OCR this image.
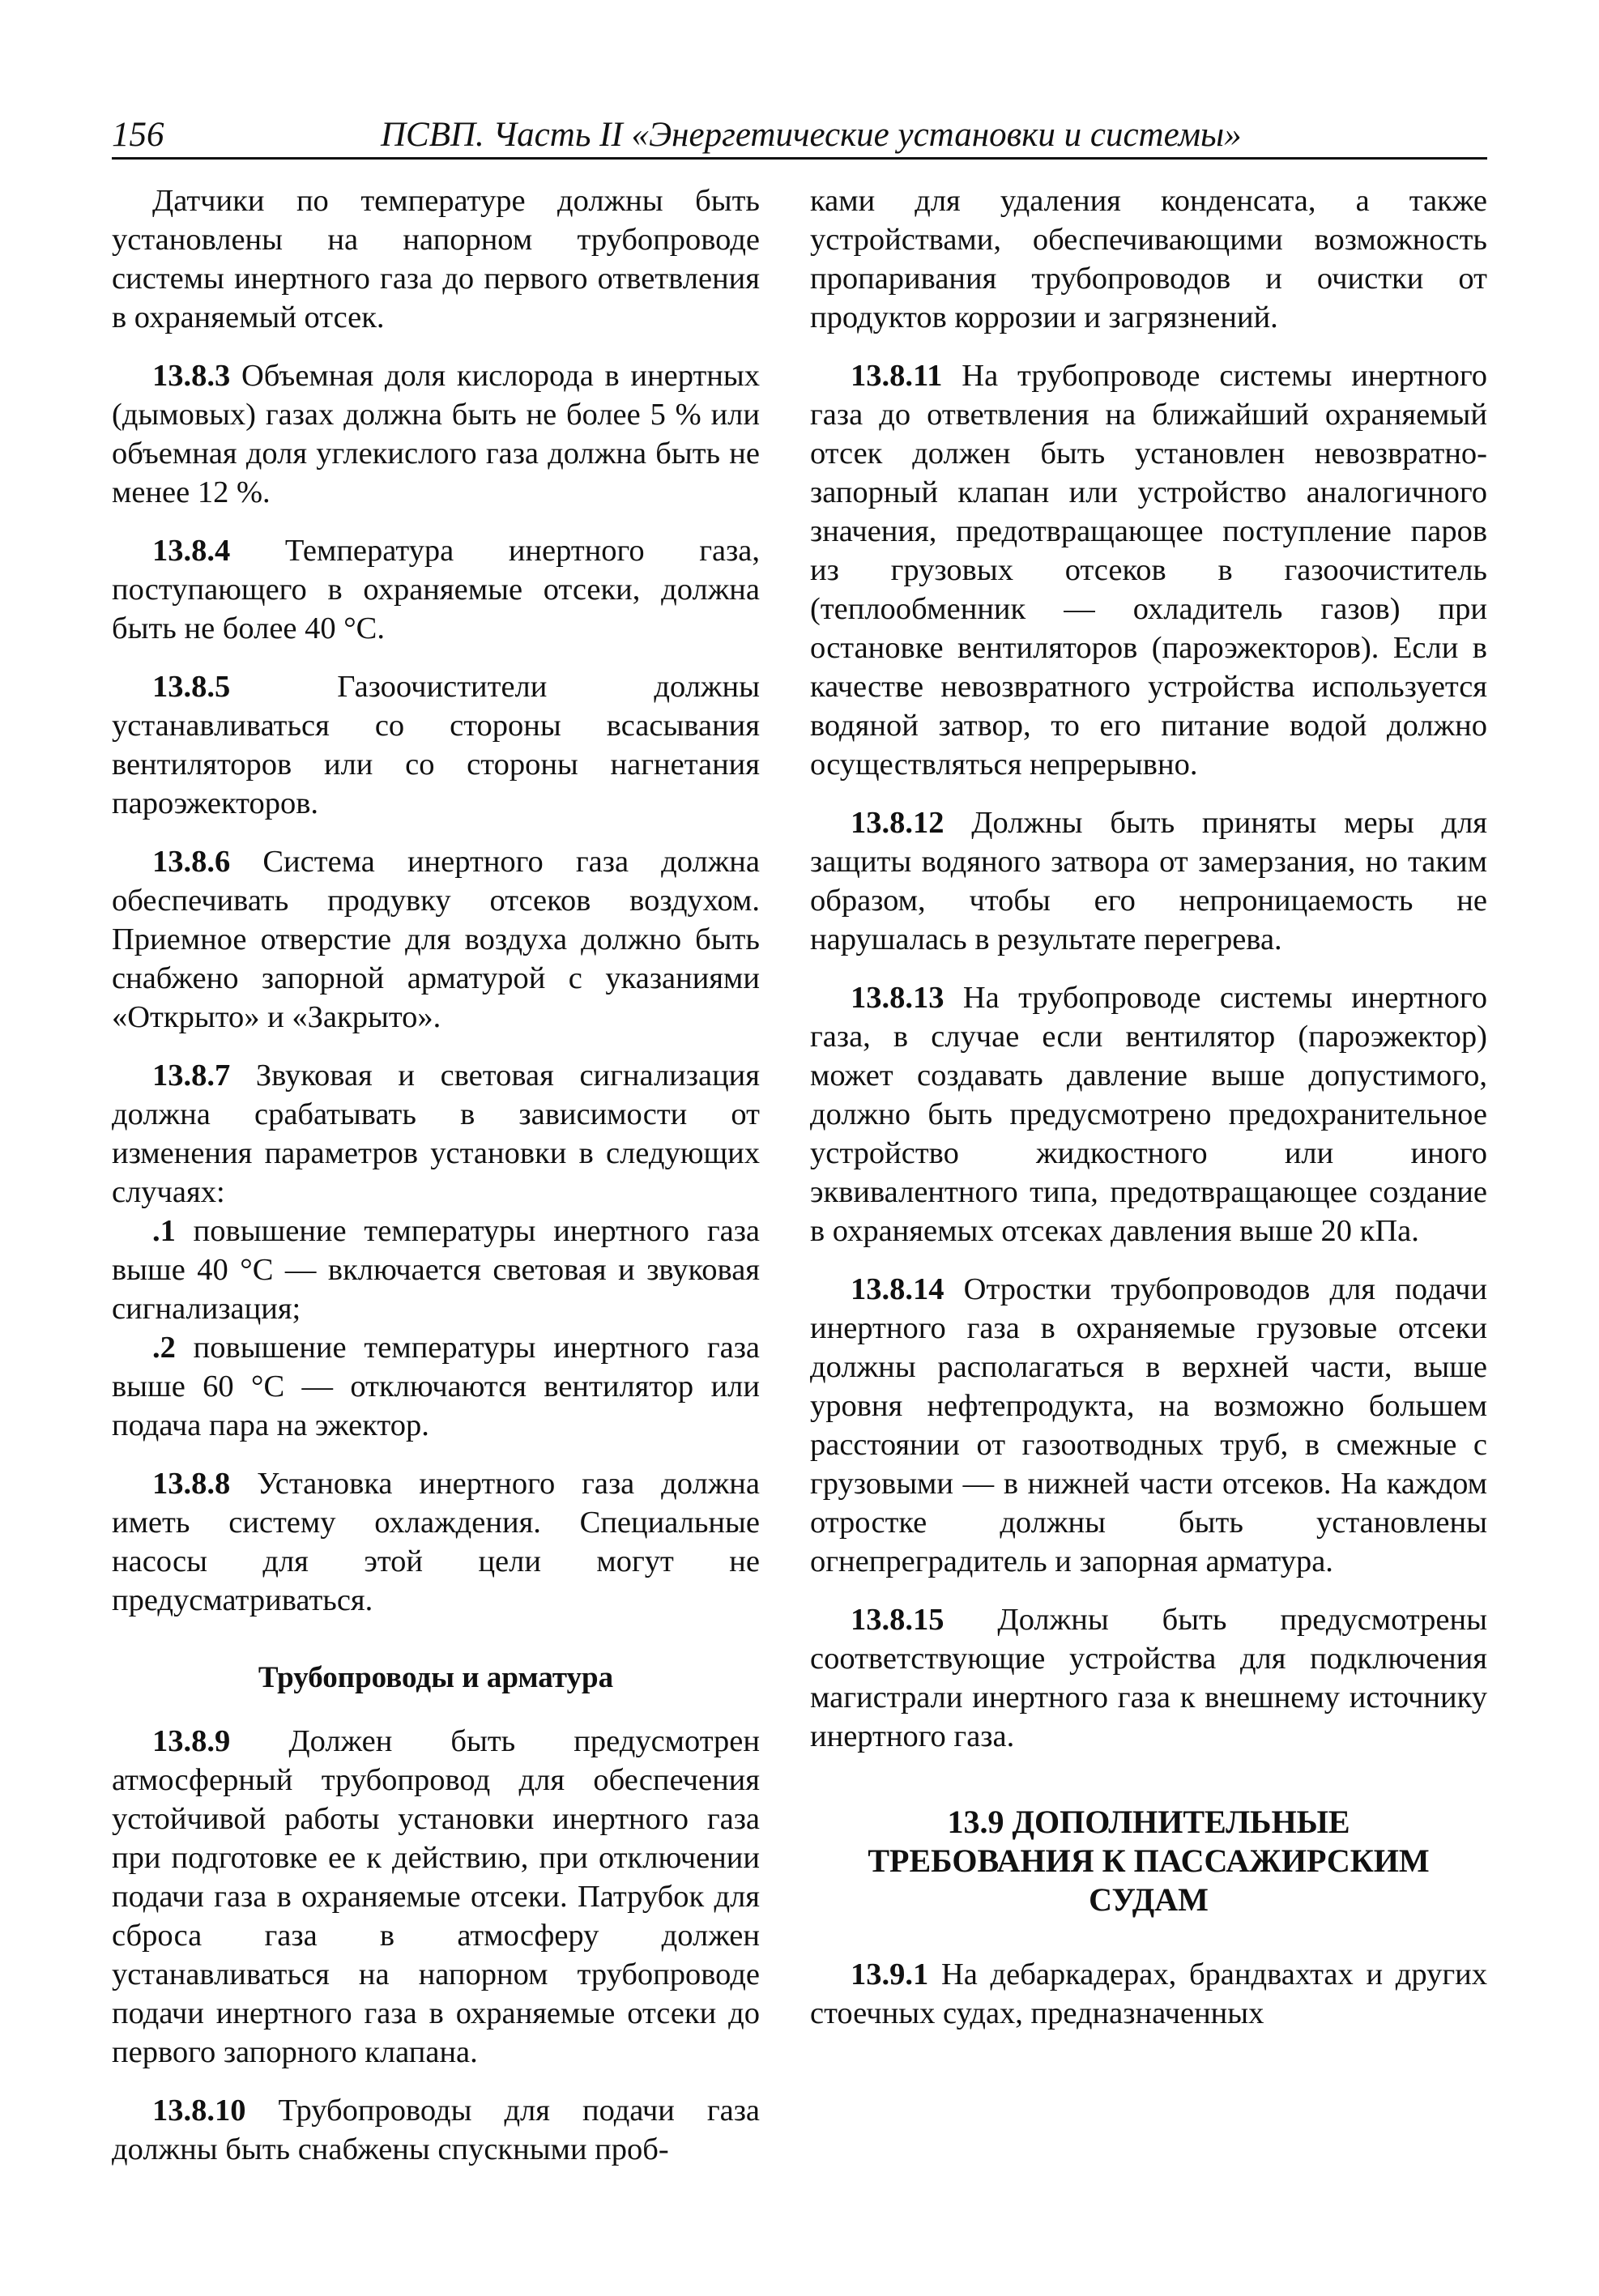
156	ПСВП. Часть II «Энергетические установки и системы»

Датчики по температуре должны быть установлены на напорном трубопроводе системы инертного газа до первого ответвления в охраняемый отсек.

13.8.3 Объемная доля кислорода в инертных (дымовых) газах должна быть не более 5 % или объемная доля углекислого газа должна быть не менее 12 %.

13.8.4 Температура инертного газа, поступающего в охраняемые отсеки, должна быть не более 40 °С.

13.8.5 Газоочистители должны устанавливаться со стороны всасывания вентиляторов или со стороны нагнетания пароэжекторов.

13.8.6 Система инертного газа должна обеспечивать продувку отсеков воздухом. Приемное отверстие для воздуха должно быть снабжено запорной арматурой с указаниями «Открыто» и «Закрыто».

13.8.7 Звуковая и световая сигнализация должна срабатывать в зависимости от изменения параметров установки в следующих случаях:

.1 повышение температуры инертного газа выше 40 °С — включается световая и звуковая сигнализация;

.2 повышение температуры инертного газа выше 60 °С — отключаются вентилятор или подача пара на эжектор.

13.8.8 Установка инертного газа должна иметь систему охлаждения. Специальные насосы для этой цели могут не предусматриваться.

Трубопроводы и арматура

13.8.9 Должен быть предусмотрен атмосферный трубопровод для обеспечения устойчивой работы установки инертного газа при подготовке ее к действию, при отключении подачи газа в охраняемые отсеки. Патрубок для сброса газа в атмосферу должен устанавливаться на напорном трубопроводе подачи инертного газа в охраняемые отсеки до первого запорного клапана.

13.8.10 Трубопроводы для подачи газа должны быть снабжены спускными проб-

ками для удаления конденсата, а также устройствами, обеспечивающими возможность пропаривания трубопроводов и очистки от продуктов коррозии и загрязнений.

13.8.11 На трубопроводе системы инертного газа до ответвления на ближайший охраняемый отсек должен быть установлен невозвратно-запорный клапан или устройство аналогичного значения, предотвращающее поступление паров из грузовых отсеков в газоочиститель (теплообменник — охладитель газов) при остановке вентиляторов (пароэжекторов). Если в качестве невозвратного устройства используется водяной затвор, то его питание водой должно осуществляться непрерывно.

13.8.12 Должны быть приняты меры для защиты водяного затвора от замерзания, но таким образом, чтобы его непроницаемость не нарушалась в результате перегрева.

13.8.13 На трубопроводе системы инертного газа, в случае если вентилятор (пароэжектор) может создавать давление выше допустимого, должно быть предусмотрено предохранительное устройство жидкостного или иного эквивалентного типа, предотвращающее создание в охраняемых отсеках давления выше 20 кПа.

13.8.14 Отростки трубопроводов для подачи инертного газа в охраняемые грузовые отсеки должны располагаться в верхней части, выше уровня нефтепродукта, на возможно большем расстоянии от газоотводных труб, в смежные с грузовыми — в нижней части отсеков. На каждом отростке должны быть установлены огнепреградитель и запорная арматура.

13.8.15 Должны быть предусмотрены соответствующие устройства для подключения магистрали инертного газа к внешнему источнику инертного газа.

13.9 ДОПОЛНИТЕЛЬНЫЕ
ТРЕБОВАНИЯ К ПАССАЖИРСКИМ
СУДАМ

13.9.1 На дебаркадерах, брандвахтах и других стоечных судах, предназначенных
